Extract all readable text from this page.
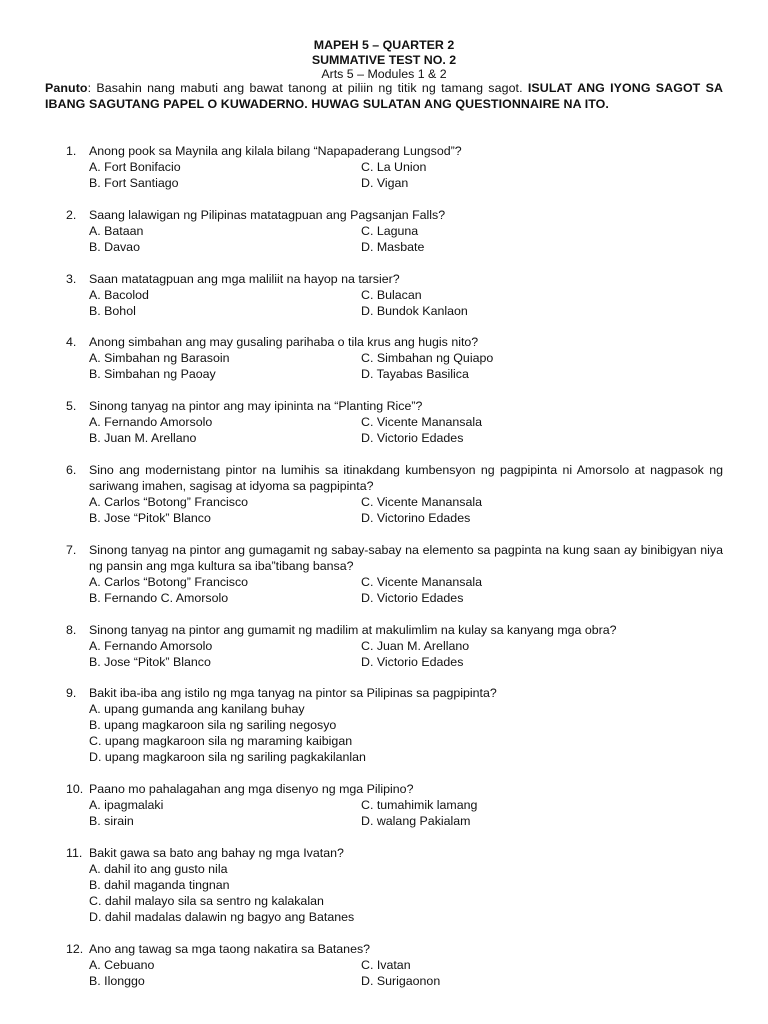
MAPEH 5 – QUARTER 2
SUMMATIVE TEST NO. 2
Arts 5 – Modules 1 & 2
Panuto: Basahin nang mabuti ang bawat tanong at piliin ng titik ng tamang sagot. ISULAT ANG IYONG SAGOT SA IBANG SAGUTANG PAPEL O KUWADERNO. HUWAG SULATAN ANG QUESTIONNAIRE NA ITO.
1.	Anong pook sa Maynila ang kilala bilang “Napapaderang Lungsod”?
A. Fort Bonifacio	C. La Union
B. Fort Santiago	D. Vigan
2.	Saang lalawigan ng Pilipinas matatagpuan ang Pagsanjan Falls?
A. Bataan	C. Laguna
B. Davao	D. Masbate
3.	Saan matatagpuan ang mga maliliit na hayop na tarsier?
A. Bacolod	C. Bulacan
B. Bohol	D. Bundok Kanlaon
4.	Anong simbahan ang may gusaling parihaba o tila krus ang hugis nito?
A. Simbahan ng Barasoin	C. Simbahan ng Quiapo
B. Simbahan ng Paoay	D. Tayabas Basilica
5.	Sinong tanyag na pintor ang may ipininta na “Planting Rice”?
A. Fernando Amorsolo	C. Vicente Manansala
B. Juan M. Arellano	D. Victorio Edades
6.	Sino ang modernistang pintor na lumihis sa itinakdang kumbensyon ng pagpipinta ni Amorsolo at nagpasok ng sariwang imahen, sagisag at idyoma sa pagpipinta?
A. Carlos “Botong” Francisco	C. Vicente Manansala
B. Jose “Pitok” Blanco	D. Victorino Edades
7.	Sinong tanyag na pintor ang gumagamit ng sabay-sabay na elemento sa pagpinta na kung saan ay binibigyan niya ng pansin ang mga kultura sa iba”tibang bansa?
A. Carlos “Botong” Francisco	C. Vicente Manansala
B. Fernando C. Amorsolo	D. Victorio Edades
8.	Sinong tanyag na pintor ang gumamit ng madilim at makulimlim na kulay sa kanyang mga obra?
A. Fernando Amorsolo	C. Juan M. Arellano
B. Jose “Pitok” Blanco	D. Victorio Edades
9.	Bakit iba-iba ang istilo ng mga tanyag na pintor sa Pilipinas sa pagpipinta?
A. upang gumanda ang kanilang buhay
B. upang magkaroon sila ng sariling negosyo
C. upang magkaroon sila ng maraming kaibigan
D. upang magkaroon sila ng sariling pagkakilanlan
10. Paano mo pahalagahan ang mga disenyo ng mga Pilipino?
A. ipagmalaki	C. tumahimik lamang
B. sirain	D. walang Pakialam
11. Bakit gawa sa bato ang bahay ng mga Ivatan?
A. dahil ito ang gusto nila
B. dahil maganda tingnan
C. dahil malayo sila sa sentro ng kalakalan
D. dahil madalas dalawin ng bagyo ang Batanes
12. Ano ang tawag sa mga taong nakatira sa Batanes?
A. Cebuano	C. Ivatan
B. Ilonggo	D. Surigaonon
